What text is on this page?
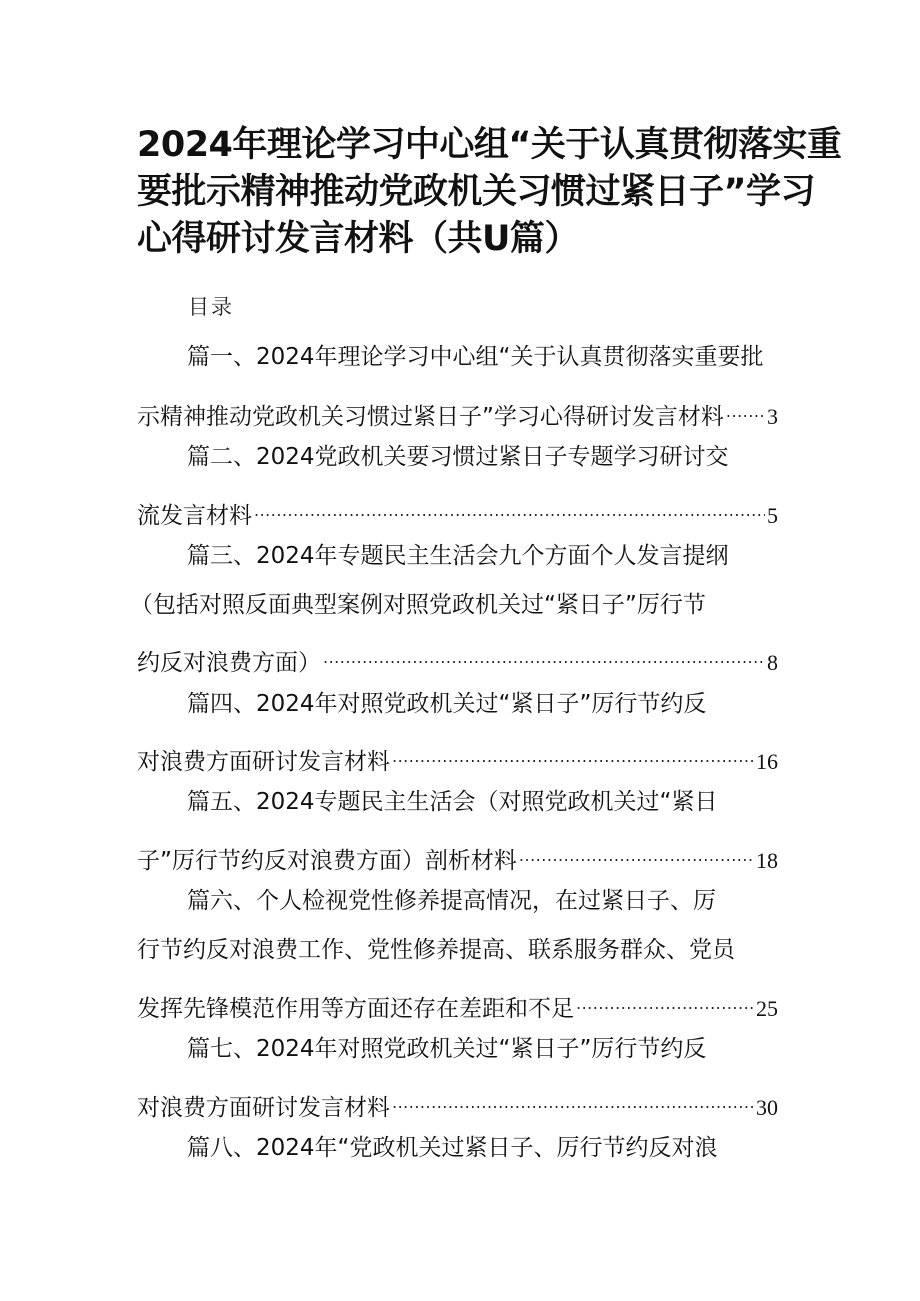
2024年理论学习中心组“关于认真贯彻落实重
要批示精神推动党政机关习惯过紧日子”学习
心得研讨发言材料（共U篇）
目录
篇一、2024年理论学习中心组“关于认真贯彻落实重要批
示精神推动党政机关习惯过紧日子”学习心得研讨发言材料 ..... 3
篇二、2024党政机关要习惯过紧日子专题学习研讨交
流发言材料 .....	5
篇三、2024年专题民主生活会九个方面个人发言提纲
（包括对照反面典型案例对照党政机关过“紧日子”厉行节
约反对浪费方面） .....	8
篇四、2024年对照党政机关过“紧日子”厉行节约反
对浪费方面研讨发言材料 .....	16
篇五、2024专题民主生活会（对照党政机关过“紧日
子”厉行节约反对浪费方面）剖析材料 .....	18
篇六、个人检视党性修养提高情况，在过紧日子、厉
行节约反对浪费工作、党性修养提高、联系服务群众、党员
发挥先锋模范作用等方面还存在差距和不足 .....	25
篇七、2024年对照党政机关过“紧日子”厉行节约反
对浪费方面研讨发言材料 .....	30
篇八、2024年“党政机关过紧日子、厉行节约反对浪
